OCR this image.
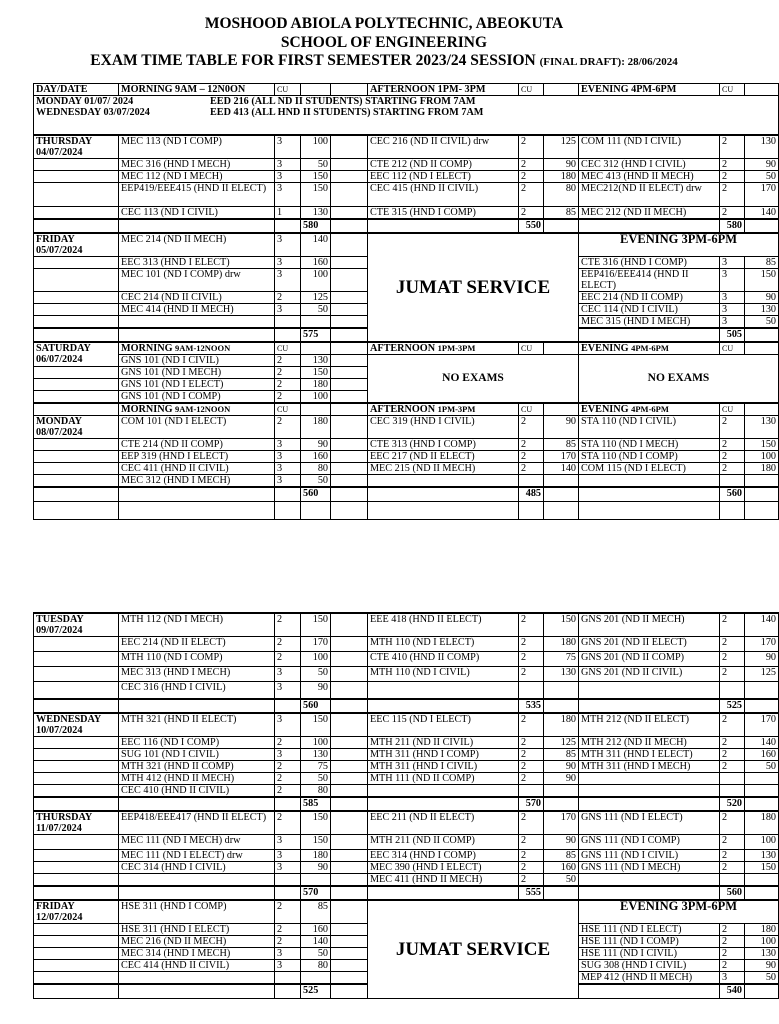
MOSHOOD ABIOLA POLYTECHNIC, ABEOKUTA
SCHOOL OF ENGINEERING
EXAM TIME TABLE FOR FIRST SEMESTER 2023/24 SESSION (FINAL DRAFT): 28/06/2024
DAY/DATE	MORNING 9AM – 12N0ON	CU			AFTERNOON 1PM- 3PM	CU		EVENING 4PM-6PM	CU	

MONDAY 01/07/ 2024 EED 216 (ALL ND II STUDENTS) STARTING FROM 7AM
WEDNESDAY 03/07/2024 EED 413 (ALL HND II STUDENTS) STARTING FROM 7AM										

THURSDAY
04/07/2024	MEC 113 (ND I COMP)	3	100		CEC 216 (ND II CIVIL) drw	2	125	COM 111 (ND I CIVIL)	2	130
	MEC 316 (HND I MECH)	3	50		CTE 212 (ND II COMP)	2	90	CEC 312 (HND I CIVIL)	2	90
	MEC 112 (ND I MECH)	3	150		EEC 112 (ND I ELECT)	2	180	MEC 413 (HND II MECH)	2	50
	EEP419/EEE415 (HND II ELECT)	3	150		CEC 415 (HND II CIVIL)	2	80	MEC212(ND II ELECT) drw	2	170
	CEC 113 (ND I CIVIL)	1	130		CTE 315 (HND I COMP)	2	85	MEC 212 (ND II MECH)	2	140
			580			550			580	

FRIDAY
05/07/2024	MEC 214 (ND II MECH)	3	140		JUMAT SERVICE			EVENING 3PM-6PM		
	EEC 313 (HND I ELECT)	3	160					CTE 316 (HND I COMP)	3	85
	MEC 101 (ND I COMP) drw	3	100					EEP416/EEE414 (HND II ELECT)	3	150
	CEC 214 (ND II CIVIL)	2	125					EEC 214 (ND II COMP)	3	90
	MEC 414 (HND II MECH)	3	50					CEC 114 (ND I CIVIL)	3	130
								MEC 315 (HND I MECH)	3	50
			575						505	

SATURDAY
06/07/2024	MORNING 9AM-12NOON	CU			AFTERNOON 1PM-3PM	CU		EVENING 4PM-6PM	CU	
	GNS 101 (ND I CIVIL)	2	130		NO EXAMS			NO EXAMS		
	GNS 101 (ND I MECH)	2	150							
	GNS 101 (ND I ELECT)	2	180							
	GNS 101 (ND I COMP)	2	100							
	MORNING 9AM-12NOON	CU			AFTERNOON 1PM-3PM	CU		EVENING 4PM-6PM	CU	

MONDAY
08/07/2024	COM 101 (ND I ELECT)	2	180		CEC 319 (HND I CIVIL)	2	90	STA 110 (ND I CIVIL)	2	130
	CTE 214 (ND II COMP)	3	90		CTE 313 (HND I COMP)	2	85	STA 110 (ND I MECH)	2	150
	EEP 319 (HND I ELECT)	3	160		EEC 217 (ND II ELECT)	2	170	STA 110 (ND I COMP)	2	100
	CEC 411 (HND II CIVIL)	3	80		MEC 215 (ND II MECH)	2	140	COM 115 (ND I ELECT)	2	180
	MEC 312 (HND I MECH)	3	50							
			560			485			560	

TUESDAY
09/07/2024	MTH 112 (ND I MECH)	2	150		EEE 418 (HND II ELECT)	2	150	GNS 201 (ND II MECH)	2	140
	EEC 214 (ND II ELECT)	2	170		MTH 110 (ND I ELECT)	2	180	GNS 201 (ND II ELECT)	2	170
	MTH 110 (ND I COMP)	2	100		CTE 410 (HND II COMP)	2	75	GNS 201 (ND II COMP)	2	90
	MEC 313 (HND I MECH)	3	50		MTH 110 (ND I CIVIL)	2	130	GNS 201 (ND II CIVIL)	2	125
	CEC 316 (HND I CIVIL)	3	90							
			560			535			525	

WEDNESDAY
10/07/2024	MTH 321 (HND II ELECT)	3	150		EEC 115 (ND I ELECT)	2	180	MTH 212 (ND II ELECT)	2	170
	EEC 116 (ND I COMP)	2	100		MTH 211 (ND II CIVIL)	2	125	MTH 212 (ND II MECH)	2	140
	SUG 101 (ND I CIVIL)	3	130		MTH 311 (HND I COMP)	2	85	MTH 311 (HND I ELECT)	2	160
	MTH 321 (HND II COMP)	2	75		MTH 311 (HND I CIVIL)	2	90	MTH 311 (HND I MECH)	2	50
	MTH 412 (HND II MECH)	2	50		MTH 111 (ND II COMP)	2	90			
	CEC 410 (HND II CIVIL)	2	80							
			585			570			520	

THURSDAY
11/07/2024	EEP418/EEE417 (HND II ELECT)	2	150		EEC 211 (ND II ELECT)	2	170	GNS 111 (ND I ELECT)	2	180
	MEC 111 (ND I MECH) drw	3	150		MTH 211 (ND II COMP)	2	90	GNS 111 (ND I COMP)	2	100
	MEC 111 (ND I ELECT) drw	3	180		EEC 314 (HND I COMP)	2	85	GNS 111 (ND I CIVIL)	2	130
	CEC 314 (HND I CIVIL)	3	90		MEC 390 (HND I ELECT)	2	160	GNS 111 (ND I MECH)	2	150
					MEC 411 (HND II MECH)	2	50			
			570			555			560	

FRIDAY
12/07/2024	HSE 311 (HND I COMP)	2	85		JUMAT SERVICE			EVENING 3PM-6PM		
	HSE 311 (HND I ELECT)	2	160					HSE 111 (ND I ELECT)	2	180
	MEC 216 (ND II MECH)	2	140					HSE 111 (ND I COMP)	2	100
	MEC 314 (HND I MECH)	3	50					HSE 111 (ND I CIVIL)	2	130
	CEC 414 (HND II CIVIL)	3	80					SUG 308 (HND I CIVIL)	2	90
								MEP 412 (HND II MECH)	3	50
			525						540	
